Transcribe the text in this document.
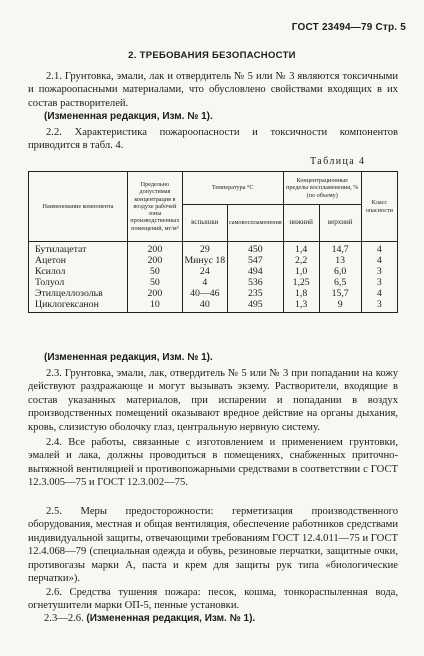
ГОСТ 23494—79 Стр. 5
2. ТРЕБОВАНИЯ БЕЗОПАСНОСТИ

2.1. Грунтовка, эмали, лак и отвердитель № 5 или № 3 являются токсичными и пожароопасными материалами, что обусловлено свойствами входящих в их состав растворителей.

(Измененная редакция, Изм. № 1).

2.2. Характеристика пожароопасности и токсичности компонентов приводится в табл. 4.

Таблица 4
Наименование компонента	Предельно допустимая концентрация в воздухе рабочей зоны производственных помещений, мг/м³	Температура °С		Концентрационные пределы воспламенения, % (по объему)		Класс опасности
		вспышки	самовоспламенения			
				нижний	верхний	
Бутилацетат	200	29	450	1,4	14,7	4
Ацетон	200	Минус 18	547	2,2	13	4
Ксилол	50	24	494	1,0	6,0	3
Толуол	50	4	536	1,25	6,5	3
Этилцеллозольв	200	40—46	235	1,8	15,7	4
Циклогексанон	10	40	495	1,3	9	3
(Измененная редакция, Изм. № 1).

2.3. Грунтовка, эмали, лак, отвердитель № 5 или № 3 при попадании на кожу действуют раздражающе и могут вызывать экзему. Растворители, входящие в состав указанных материалов, при испарении и попадании в воздух производственных помещений оказывают вредное действие на органы дыхания, кровь, слизистую оболочку глаз, центральную нервную систему.

2.4. Все работы, связанные с изготовлением и применением грунтовки, эмалей и лака, должны проводиться в помещениях, снабженных приточно-вытяжной вентиляцией и противопожарными средствами в соответствии с ГОСТ 12.3.005—75 и ГОСТ 12.3.002—75.

2.5. Меры предосторожности: герметизация производственного оборудования, местная и общая вентиляция, обеспечение работников средствами индивидуальной защиты, отвечающими требованиям ГОСТ 12.4.011—75 и ГОСТ 12.4.068—79 (специальная одежда и обувь, резиновые перчатки, защитные очки, противогазы марки А, паста и крем для защиты рук типа «биологические перчатки»).

2.6. Средства тушения пожара: песок, кошма, тонкораспыленная вода, огнетушители марки ОП-5, пенные установки.

2.3—2.6. (Измененная редакция, Изм. № 1).
